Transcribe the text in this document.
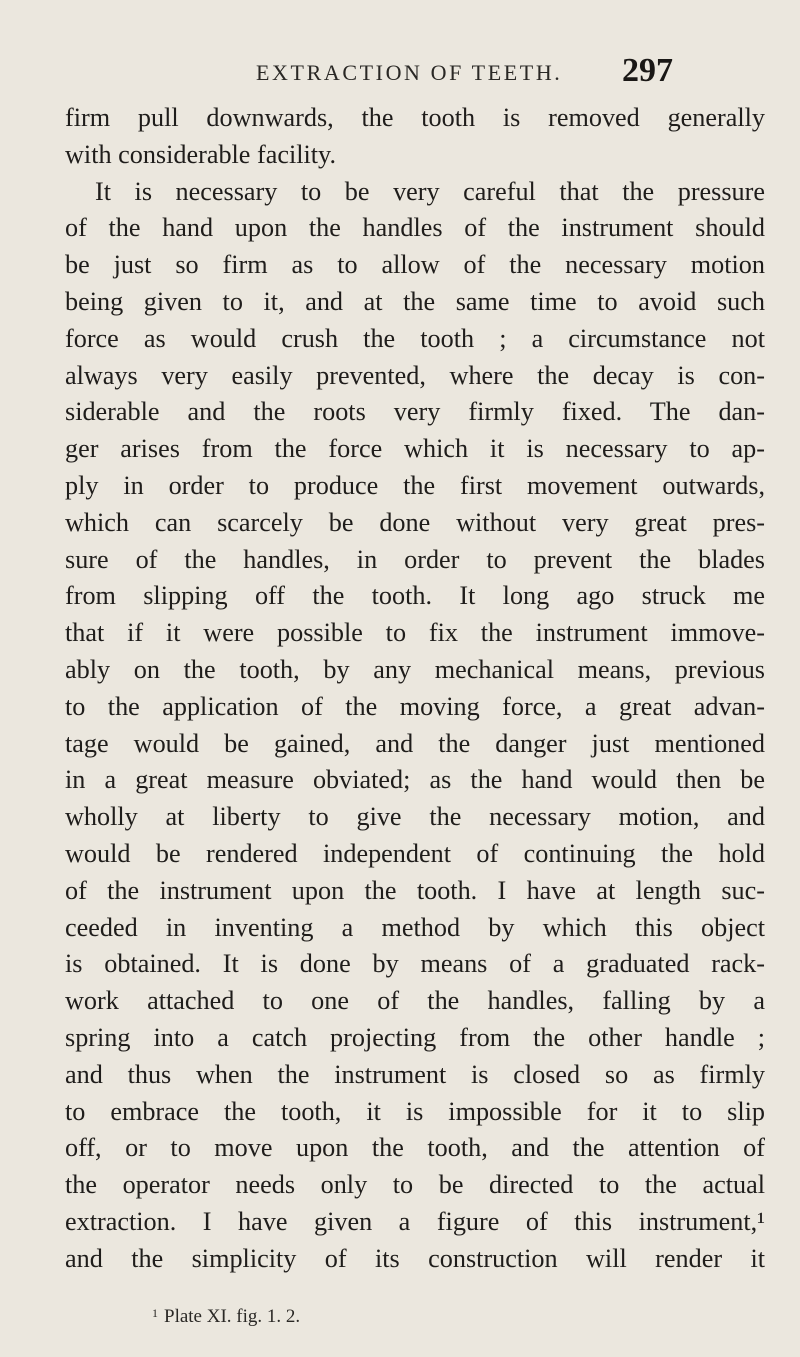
EXTRACTION OF TEETH. 297
firm pull downwards, the tooth is removed generally
with considerable facility.
It is necessary to be very careful that the pressure
of the hand upon the handles of the instrument should
be just so firm as to allow of the necessary motion
being given to it, and at the same time to avoid such
force as would crush the tooth ; a circumstance not
always very easily prevented, where the decay is con-
siderable and the roots very firmly fixed. The dan-
ger arises from the force which it is necessary to ap-
ply in order to produce the first movement outwards,
which can scarcely be done without very great pres-
sure of the handles, in order to prevent the blades
from slipping off the tooth. It long ago struck me
that if it were possible to fix the instrument immove-
ably on the tooth, by any mechanical means, previous
to the application of the moving force, a great advan-
tage would be gained, and the danger just mentioned
in a great measure obviated; as the hand would then be
wholly at liberty to give the necessary motion, and
would be rendered independent of continuing the hold
of the instrument upon the tooth. I have at length suc-
ceeded in inventing a method by which this object
is obtained. It is done by means of a graduated rack-
work attached to one of the handles, falling by a
spring into a catch projecting from the other handle ;
and thus when the instrument is closed so as firmly
to embrace the tooth, it is impossible for it to slip
off, or to move upon the tooth, and the attention of
the operator needs only to be directed to the actual
extraction. I have given a figure of this instrument,¹
and the simplicity of its construction will render it
$^1$ Plate XI. fig. 1. 2.
